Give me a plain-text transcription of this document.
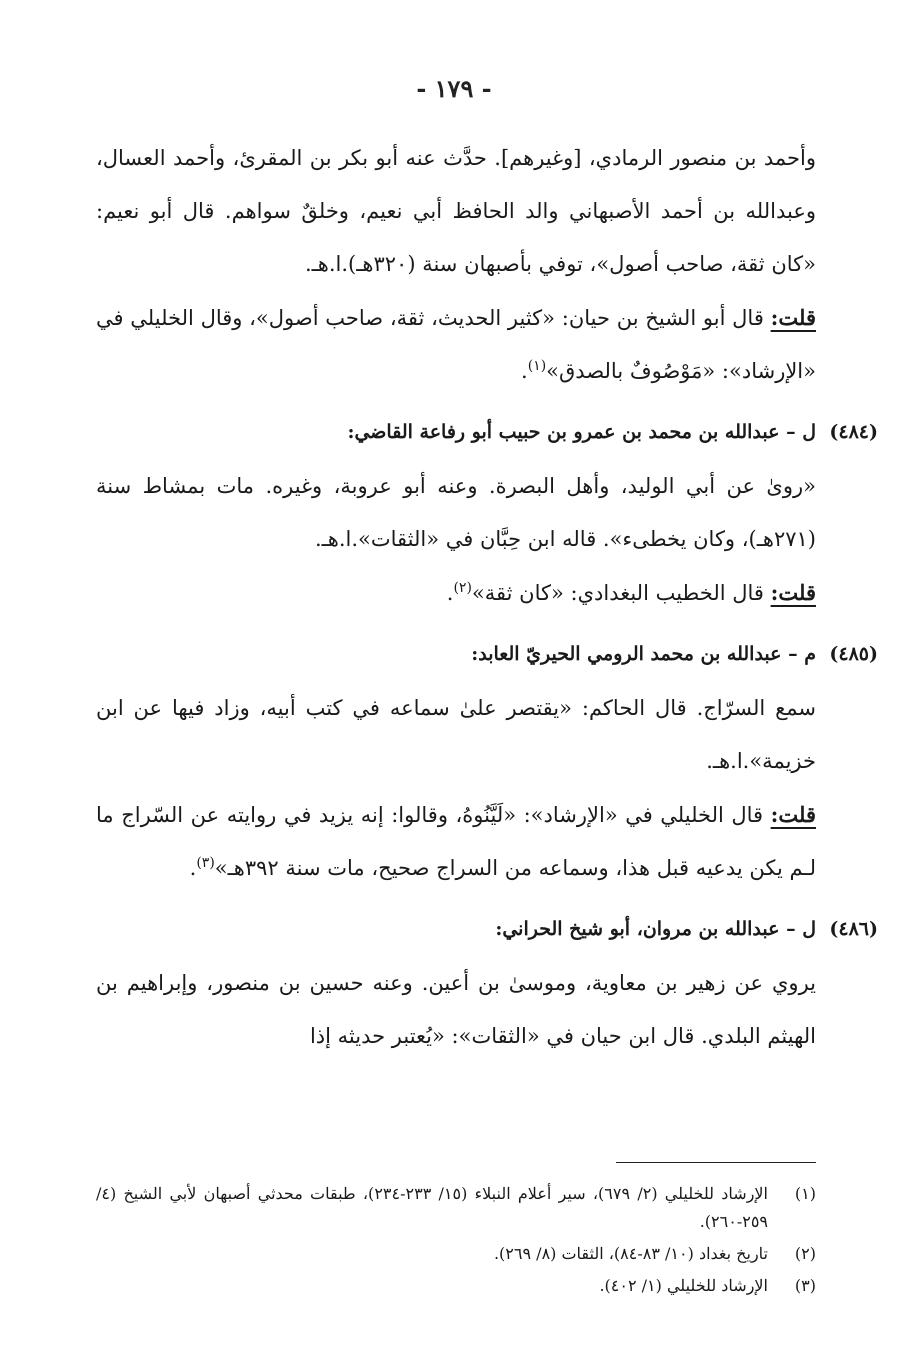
- ١٧٩ -

وأحمد بن منصور الرمادي، [وغيرهم]. حدَّث عنه أبو بكر بن المقرئ، وأحمد العسال، وعبدالله بن أحمد الأصبهاني والد الحافظ أبي نعيم، وخلقٌ سواهم. قال أبو نعيم: «كان ثقة، صاحب أصول»، توفي بأصبهان سنة (٣٢٠هـ).ا.هـ.

قلت: قال أبو الشيخ بن حيان: «كثير الحديث، ثقة، صاحب أصول»، وقال الخليلي في «الإرشاد»: «مَوْصُوفٌ بالصدق»$^{(١)}$.

(٤٨٤)
ل – عبدالله بن محمد بن عمرو بن حبيب أبو رفاعة القاضي:

«روىٰ عن أبي الوليد، وأهل البصرة. وعنه أبو عروبة، وغيره. مات بمشاط سنة (٢٧١هـ)، وكان يخطىء». قاله ابن حِبَّان في «الثقات».ا.هـ.

قلت: قال الخطيب البغدادي: «كان ثقة»$^{(٢)}$.

(٤٨٥)
م – عبدالله بن محمد الرومي الحيريّ العابد:

سمع السرّاج. قال الحاكم: «يقتصر علىٰ سماعه في كتب أبيه، وزاد فيها عن ابن خزيمة».ا.هـ.

قلت: قال الخليلي في «الإرشاد»: «لَيَّنُوهُ، وقالوا: إنه يزيد في روايته عن السّراج ما لـم يكن يدعيه قبل هذا، وسماعه من السراج صحيح، مات سنة ٣٩٢هـ»$^{(٣)}$.

(٤٨٦)
ل – عبدالله بن مروان، أبو شيخ الحراني:

يروي عن زهير بن معاوية، وموسىٰ بن أعين. وعنه حسين بن منصور، وإبراهيم بن الهيثم البلدي. قال ابن حيان في «الثقات»: «يُعتبر حديثه إذا

(١)
الإرشاد للخليلي (٢/ ٦٧٩)، سير أعلام النبلاء (١٥/ ٢٣٣-٢٣٤)، طبقات محدثي أصبهان لأبي الشيخ (٤/ ٢٥٩-٢٦٠).

(٢)
تاريخ بغداد (١٠/ ٨٣-٨٤)، الثقات (٨/ ٢٦٩).

(٣)
الإرشاد للخليلي (١/ ٤٠٢).
